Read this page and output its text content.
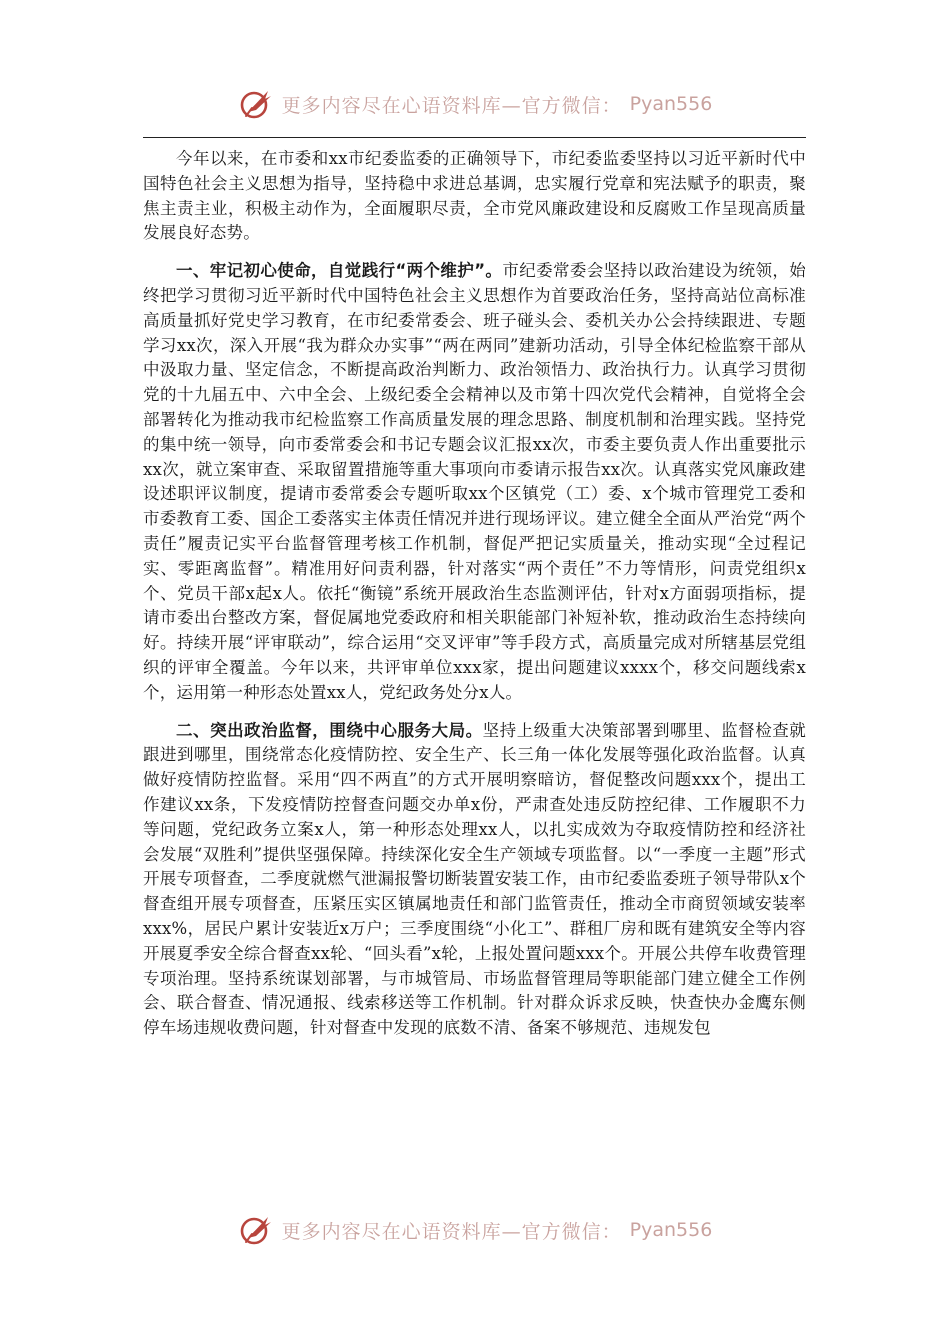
更多内容尽在心语资料库—官方微信： Pyan556

今年以来，在市委和xx市纪委监委的正确领导下，市纪委监委坚持以习近平新时代中国特色社会主义思想为指导，坚持稳中求进总基调，忠实履行党章和宪法赋予的职责，聚焦主责主业，积极主动作为，全面履职尽责，全市党风廉政建设和反腐败工作呈现高质量发展良好态势。

一、牢记初心使命，自觉践行“两个维护”。市纪委常委会坚持以政治建设为统领，始终把学习贯彻习近平新时代中国特色社会主义思想作为首要政治任务，坚持高站位高标准高质量抓好党史学习教育，在市纪委常委会、班子碰头会、委机关办公会持续跟进、专题学习xx次，深入开展“我为群众办实事”“两在两同”建新功活动，引导全体纪检监察干部从中汲取力量、坚定信念，不断提高政治判断力、政治领悟力、政治执行力。认真学习贯彻党的十九届五中、六中全会、上级纪委全会精神以及市第十四次党代会精神，自觉将全会部署转化为推动我市纪检监察工作高质量发展的理念思路、制度机制和治理实践。坚持党的集中统一领导，向市委常委会和书记专题会议汇报xx次，市委主要负责人作出重要批示xx次，就立案审查、采取留置措施等重大事项向市委请示报告xx次。认真落实党风廉政建设述职评议制度，提请市委常委会专题听取xx个区镇党（工）委、x个城市管理党工委和市委教育工委、国企工委落实主体责任情况并进行现场评议。建立健全全面从严治党“两个责任”履责记实平台监督管理考核工作机制，督促严把记实质量关，推动实现“全过程记实、零距离监督”。精准用好问责利器，针对落实“两个责任”不力等情形，问责党组织x个、党员干部x起x人。依托“衡镜”系统开展政治生态监测评估，针对x方面弱项指标，提请市委出台整改方案，督促属地党委政府和相关职能部门补短补软，推动政治生态持续向好。持续开展“评审联动”，综合运用“交叉评审”等手段方式，高质量完成对所辖基层党组织的评审全覆盖。今年以来，共评审单位xxx家，提出问题建议xxxx个，移交问题线索x个，运用第一种形态处置xx人，党纪政务处分x人。

二、突出政治监督，围绕中心服务大局。坚持上级重大决策部署到哪里、监督检查就跟进到哪里，围绕常态化疫情防控、安全生产、长三角一体化发展等强化政治监督。认真做好疫情防控监督。采用“四不两直”的方式开展明察暗访，督促整改问题xxx个，提出工作建议xx条，下发疫情防控督查问题交办单x份，严肃查处违反防控纪律、工作履职不力等问题，党纪政务立案x人，第一种形态处理xx人，以扎实成效为夺取疫情防控和经济社会发展“双胜利”提供坚强保障。持续深化安全生产领域专项监督。以“一季度一主题”形式开展专项督查，二季度就燃气泄漏报警切断装置安装工作，由市纪委监委班子领导带队x个督查组开展专项督查，压紧压实区镇属地责任和部门监管责任，推动全市商贸领域安装率xxx%，居民户累计安装近x万户；三季度围绕“小化工”、群租厂房和既有建筑安全等内容开展夏季安全综合督查xx轮、“回头看”x轮，上报处置问题xxx个。开展公共停车收费管理专项治理。坚持系统谋划部署，与市城管局、市场监督管理局等职能部门建立健全工作例会、联合督查、情况通报、线索移送等工作机制。针对群众诉求反映，快查快办金鹰东侧停车场违规收费问题，针对督查中发现的底数不清、备案不够规范、违规发包

更多内容尽在心语资料库—官方微信： Pyan556
